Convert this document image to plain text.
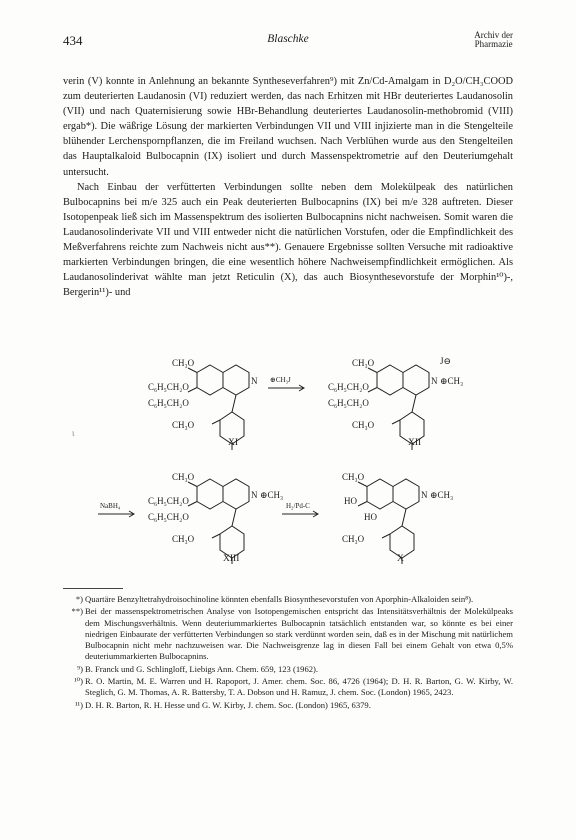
434	Blaschke	Archiv der
Pharmazie

verin (V) konnte in Anlehnung an bekannte Syntheseverfahren⁹) mit Zn/Cd-Amalgam in D₂O/CH₃COOD zum deuterierten Laudanosin (VI) reduziert werden, das nach Erhitzen mit HBr deuteriertes Laudanosolin (VII) und nach Quaternisierung sowie HBr-Behandlung deuteriertes Laudanosolin-methobromid (VIII) ergab*). Die wäßrige Lösung der markierten Verbindungen VII und VIII injizierte man in die Stengelteile blühender Lerchenspornpflanzen, die im Freiland wuchsen. Nach Verblühen wurde aus den Stengelteilen das Hauptalkaloid Bulbocapnin (IX) isoliert und durch Massenspektrometrie auf den Deuteriumgehalt untersucht.

Nach Einbau der verfütterten Verbindungen sollte neben dem Molekülpeak des natürlichen Bulbocapnins bei m/e 325 auch ein Peak deuterierten Bulbocapnins (IX) bei m/e 328 auftreten. Dieser Isotopenpeak ließ sich im Massenspektrum des isolierten Bulbocapnins nicht nachweisen. Somit waren die Laudanosolinderivate VII und VIII entweder nicht die natürlichen Vorstufen, oder die Empfindlichkeit des Meßverfahrens reichte zum Nachweis nicht aus**). Genauere Ergebnisse sollten Versuche mit radioaktive markierten Verbindungen bringen, die eine wesentlich höhere Nachweisempfindlichkeit ermöglichen. Als Laudanosolinderivat wählte man jetzt Reticulin (X), das auch Biosynthesevorstufe der Morphin¹⁰)-, Bergerin¹¹)- und

ι
CH₃O
C₆H₅CH₂O
C₆H₅CH₂O
CH₃O
N
XI
⊕CH₃J
CH₃O
C₆H₅CH₂O
C₆H₅CH₂O
CH₃O
N ⊕CH₃
J⊖
XII
NaBH₄
CH₃O
C₆H₅CH₂O
C₆H₅CH₂O
CH₃O
N ⊕CH₃
XIII
H₂/Pd-C
CH₃O
HO
HO
CH₃O
N ⊕CH₃
X
*) Quartäre Benzyltetrahydroisochinoline könnten ebenfalls Biosynthesevorstufen von Aporphin-Alkaloiden sein⁸).
**) Bei der massenspektrometrischen Analyse von Isotopengemischen entspricht das Intensitätsverhältnis der Molekülpeaks dem Mischungsverhältnis. Wenn deuteriummarkiertes Bulbocapnin tatsächlich entstanden war, so könnte es bei einer niedrigen Einbaurate der verfütterten Verbindungen so stark verdünnt worden sein, daß es in der Mischung mit natürlichem Bulbocapnin nicht mehr nachzuweisen war. Die Nachweisgrenze lag in diesen Fall bei einem Gehalt von etwa 0,5% deuteriummarkierten Bulbocapnins.
⁹) B. Franck und G. Schlingloff, Liebigs Ann. Chem. 659, 123 (1962).
¹⁰) R. O. Martin, M. E. Warren und H. Rapoport, J. Amer. chem. Soc. 86, 4726 (1964); D. H. R. Barton, G. W. Kirby, W. Steglich, G. M. Thomas, A. R. Battersby, T. A. Dobson und H. Ramuz, J. chem. Soc. (London) 1965, 2423.
¹¹) D. H. R. Barton, R. H. Hesse und G. W. Kirby, J. chem. Soc. (London) 1965, 6379.
